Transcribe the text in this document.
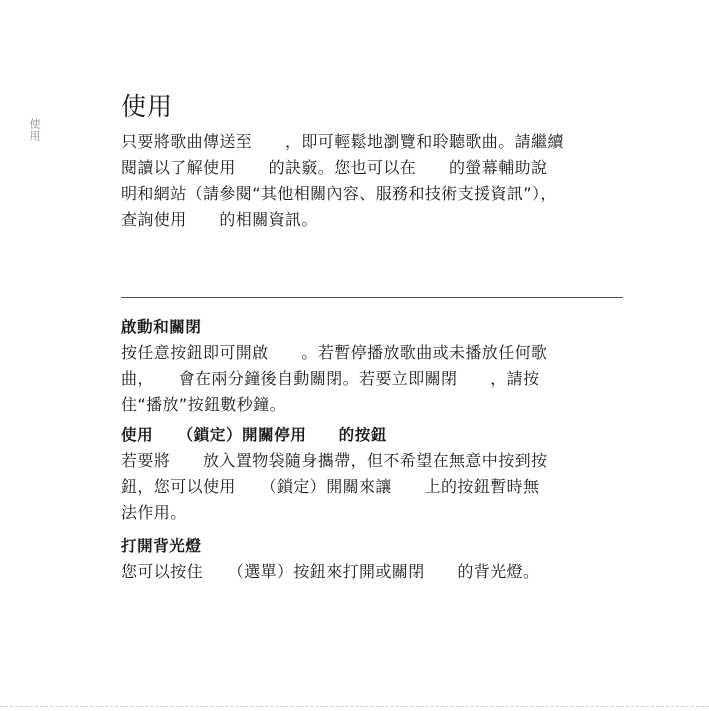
使用
使用

只要將歌曲傳送至　　，即可輕鬆地瀏覽和聆聽歌曲。請繼續
閱讀以了解使用　　的訣竅。您也可以在　　的螢幕輔助說
明和網站（請參閱“其他相關內容、服務和技術支援資訊”），
查詢使用　　的相關資訊。

啟動和關閉

按任意按鈕即可開啟　　。若暫停播放歌曲或未播放任何歌
曲，　　會在兩分鐘後自動關閉。若要立即關閉　　，請按
住“播放”按鈕數秒鐘。

使用　　（鎖定）開關停用　　的按鈕

若要將　　放入置物袋隨身攜帶，但不希望在無意中按到按
鈕，您可以使用　　（鎖定）開關來讓　　上的按鈕暫時無
法作用。

打開背光燈

您可以按住　　（選單）按鈕來打開或關閉　　的背光燈。
